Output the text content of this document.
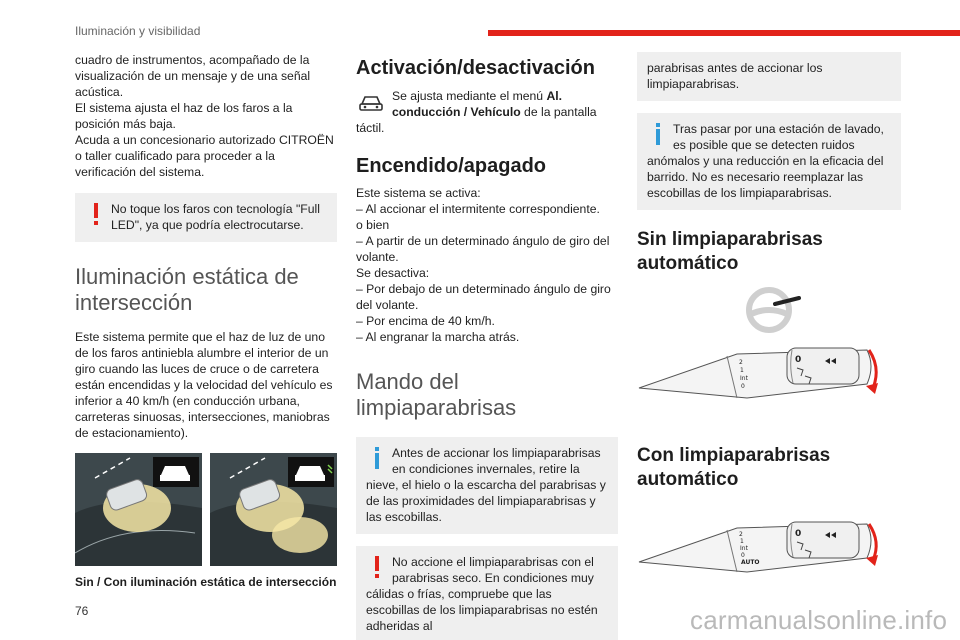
Iluminación y visibilidad
cuadro de instrumentos, acompañado de la visualización de un mensaje y de una señal acústica.
El sistema ajusta el haz de los faros a la posición más baja.
Acuda a un concesionario autorizado CITROËN o taller cualificado para proceder a la verificación del sistema.
No toque los faros con tecnología "Full LED", ya que podría electrocutarse.
Iluminación estática de intersección
Este sistema permite que el haz de luz de uno de los faros antiniebla alumbre el interior de un giro cuando las luces de cruce o de carretera están encendidas y la velocidad del vehículo es inferior a 40 km/h (en conducción urbana, carreteras sinuosas, intersecciones, maniobras de estacionamiento).
Sin / Con iluminación estática de intersección
Activación/desactivación
Se ajusta mediante el menú Al. conducción / Vehículo de la pantalla táctil.
Encendido/apagado
Este sistema se activa:
– Al accionar el intermitente correspondiente.
o bien
– A partir de un determinado ángulo de giro del volante.
Se desactiva:
– Por debajo de un determinado ángulo de giro del volante.
– Por encima de 40 km/h.
– Al engranar la marcha atrás.
Mando del limpiaparabrisas
Antes de accionar los limpiaparabrisas en condiciones invernales, retire la nieve, el hielo o la escarcha del parabrisas y de las proximidades del limpiaparabrisas y las escobillas.
No accione el limpiaparabrisas con el parabrisas seco. En condiciones muy cálidas o frías, compruebe que las escobillas de los limpiaparabrisas no estén adheridas al
parabrisas antes de accionar los limpiaparabrisas.
Tras pasar por una estación de lavado, es posible que se detecten ruidos anómalos y una reducción en la eficacia del barrido. No es necesario reemplazar las escobillas de los limpiaparabrisas.
Sin limpiaparabrisas automático
2
1
Int
0
0
Con limpiaparabrisas automático
2
1
Int
0
AUTO
0
76	carmanualsonline.info
